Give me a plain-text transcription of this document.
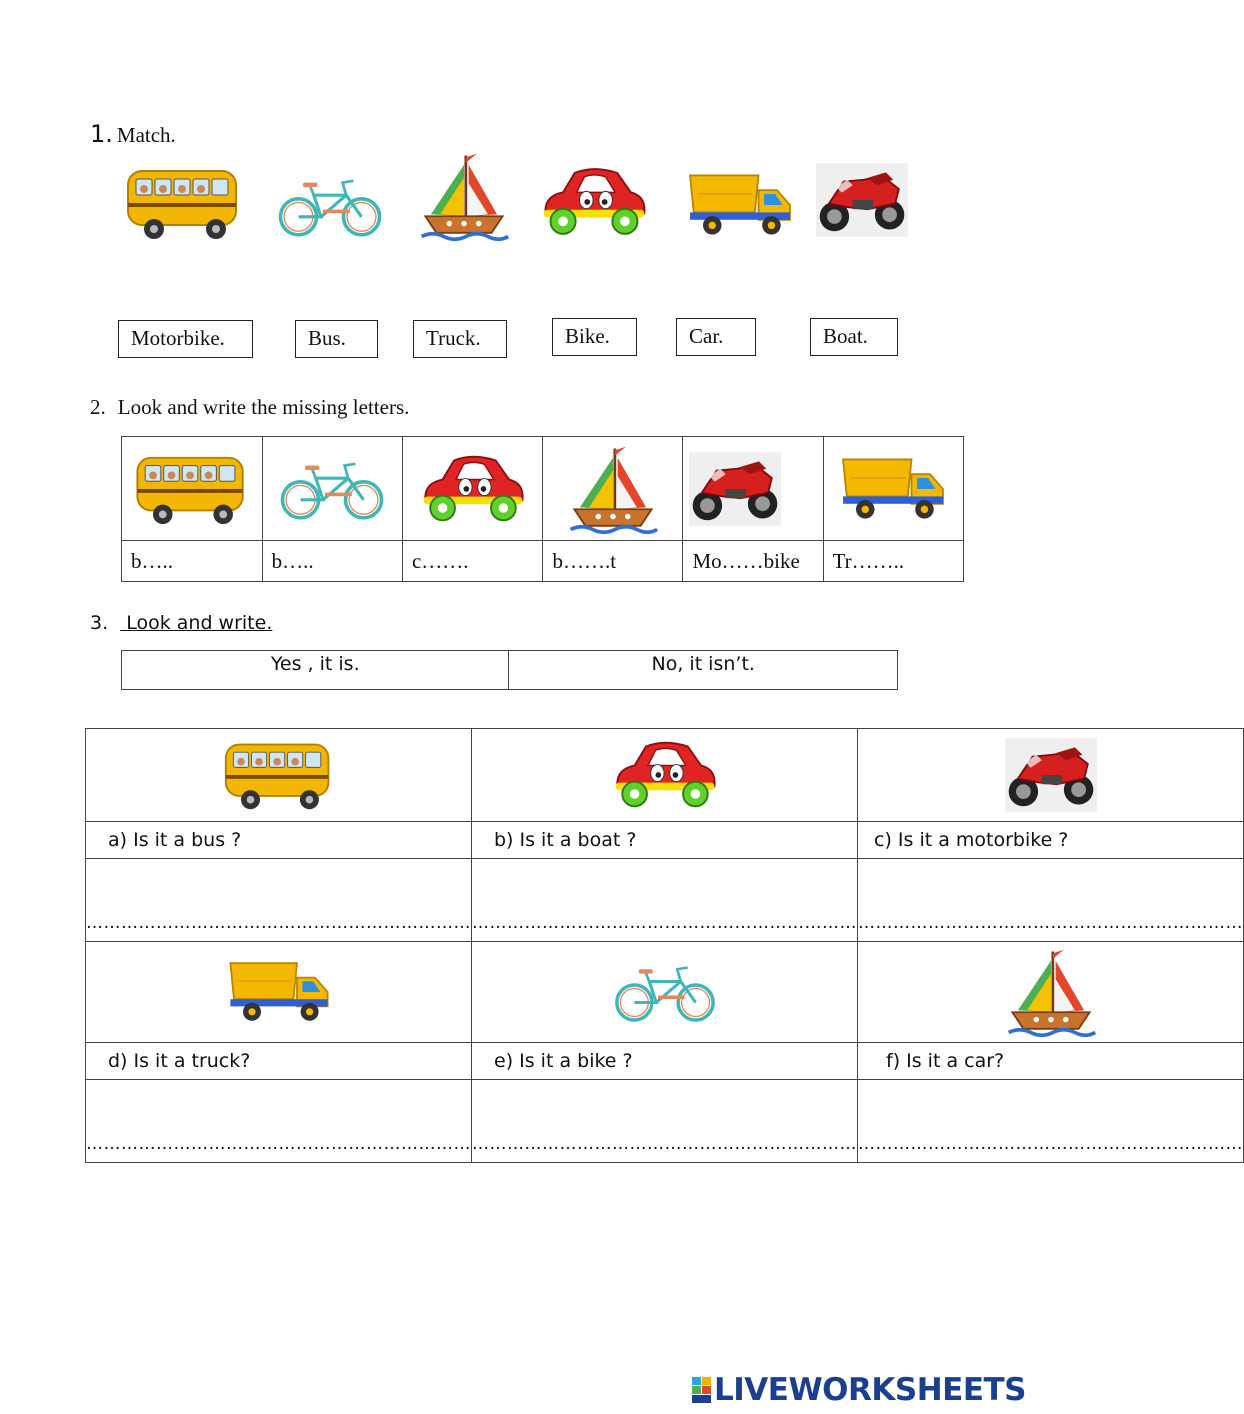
1. Match.
Motorbike.	Bus.	Truck.	Bike.	Car.	Boat.
2. Look and write the missing letters.

b…..	b…..	c…….	b…….t	Mo……bike	Tr……..
3.  Look and write.
Yes , it is.	No, it isn’t.

a) Is it a bus ?	b) Is it a boat ?	c) Is it a motorbike ?
…………………………………………………………	…………………………………………………………	…………………………………………………………

d) Is it a truck?	e) Is it a bike ?	f) Is it a car?
…………………………………………………………	…………………………………………………………	…………………………………………………………
LIVEWORKSHEETS
